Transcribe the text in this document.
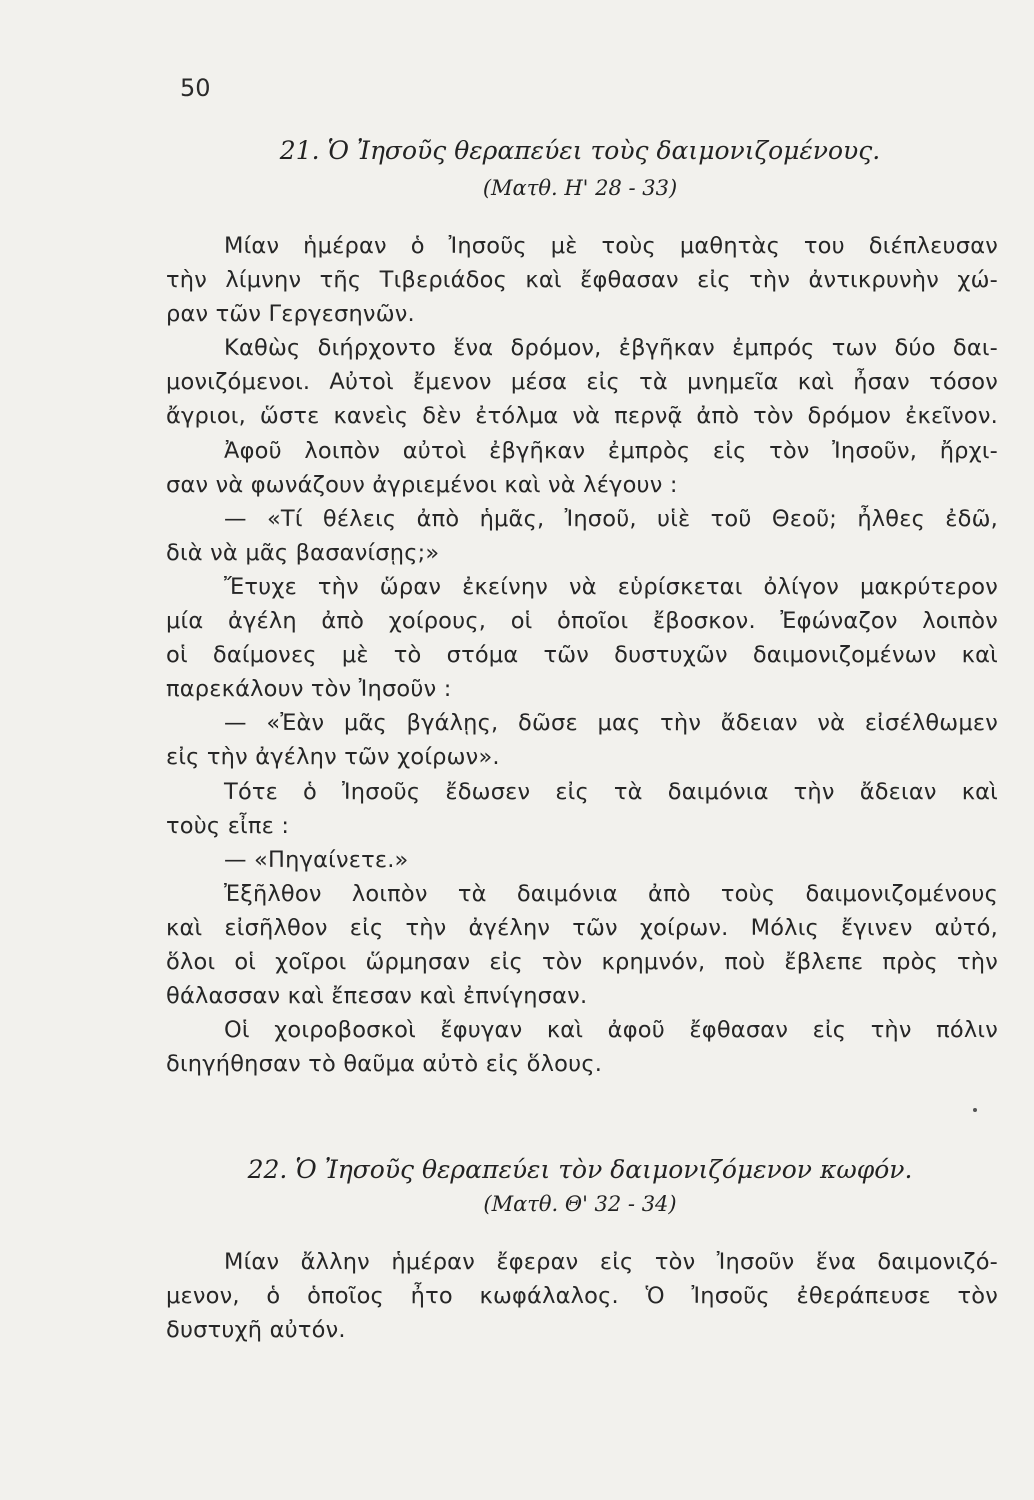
50
21. Ὁ Ἰησοῦς θεραπεύει τοὺς δαιμονιζομένους.
(Ματθ. Η' 28 - 33)
Μίαν ἡμέραν ὁ Ἰησοῦς μὲ τοὺς μαθητὰς του διέπλευσαν
τὴν λίμνην τῆς Τιβεριάδος καὶ ἔφθασαν εἰς τὴν ἀντικρυνὴν χώ-
ραν τῶν Γεργεσηνῶν.
Καθὼς διήρχοντο ἕνα δρόμον, ἐβγῆκαν ἐμπρός των δύο δαι-
μονιζόμενοι. Αὐτοὶ ἔμενον μέσα εἰς τὰ μνημεῖα καὶ ἦσαν τόσον
ἄγριοι, ὥστε κανεὶς δὲν ἐτόλμα νὰ περνᾷ ἀπὸ τὸν δρόμον ἐκεῖνον.
Ἀφοῦ λοιπὸν αὐτοὶ ἐβγῆκαν ἐμπρὸς εἰς τὸν Ἰησοῦν, ἤρχι-
σαν νὰ φωνάζουν ἀγριεμένοι καὶ νὰ λέγουν :
— «Τί θέλεις ἀπὸ ἡμᾶς, Ἰησοῦ, υἱὲ τοῦ Θεοῦ; ἦλθες ἐδῶ,
διὰ νὰ μᾶς βασανίσῃς;»
Ἔτυχε τὴν ὥραν ἐκείνην νὰ εὑρίσκεται ὀλίγον μακρύτερον
μία ἀγέλη ἀπὸ χοίρους, οἱ ὁποῖοι ἔβοσκον. Ἐφώναζον λοιπὸν
οἱ δαίμονες μὲ τὸ στόμα τῶν δυστυχῶν δαιμονιζομένων καὶ
παρεκάλουν τὸν Ἰησοῦν :
— «Ἐὰν μᾶς βγάλῃς, δῶσε μας τὴν ἄδειαν νὰ εἰσέλθωμεν
εἰς τὴν ἀγέλην τῶν χοίρων».
Τότε ὁ Ἰησοῦς ἔδωσεν εἰς τὰ δαιμόνια τὴν ἄδειαν καὶ
τοὺς εἶπε :
— «Πηγαίνετε.»
Ἐξῆλθον λοιπὸν τὰ δαιμόνια ἀπὸ τοὺς δαιμονιζομένους
καὶ εἰσῆλθον εἰς τὴν ἀγέλην τῶν χοίρων. Μόλις ἔγινεν αὐτό,
ὅλοι οἱ χοῖροι ὥρμησαν εἰς τὸν κρημνόν, ποὺ ἔβλεπε πρὸς τὴν
θάλασσαν καὶ ἔπεσαν καὶ ἐπνίγησαν.
Οἱ χοιροβοσκοὶ ἔφυγαν καὶ ἀφοῦ ἔφθασαν εἰς τὴν πόλιν
διηγήθησαν τὸ θαῦμα αὐτὸ εἰς ὅλους.
22. Ὁ Ἰησοῦς θεραπεύει τὸν δαιμονιζόμενον κωφόν.
(Ματθ. Θ' 32 - 34)
Μίαν ἄλλην ἡμέραν ἔφεραν εἰς τὸν Ἰησοῦν ἕνα δαιμονιζό-
μενον, ὁ ὁποῖος ἦτο κωφάλαλος. Ὁ Ἰησοῦς ἐθεράπευσε τὸν
δυστυχῆ αὐτόν.
